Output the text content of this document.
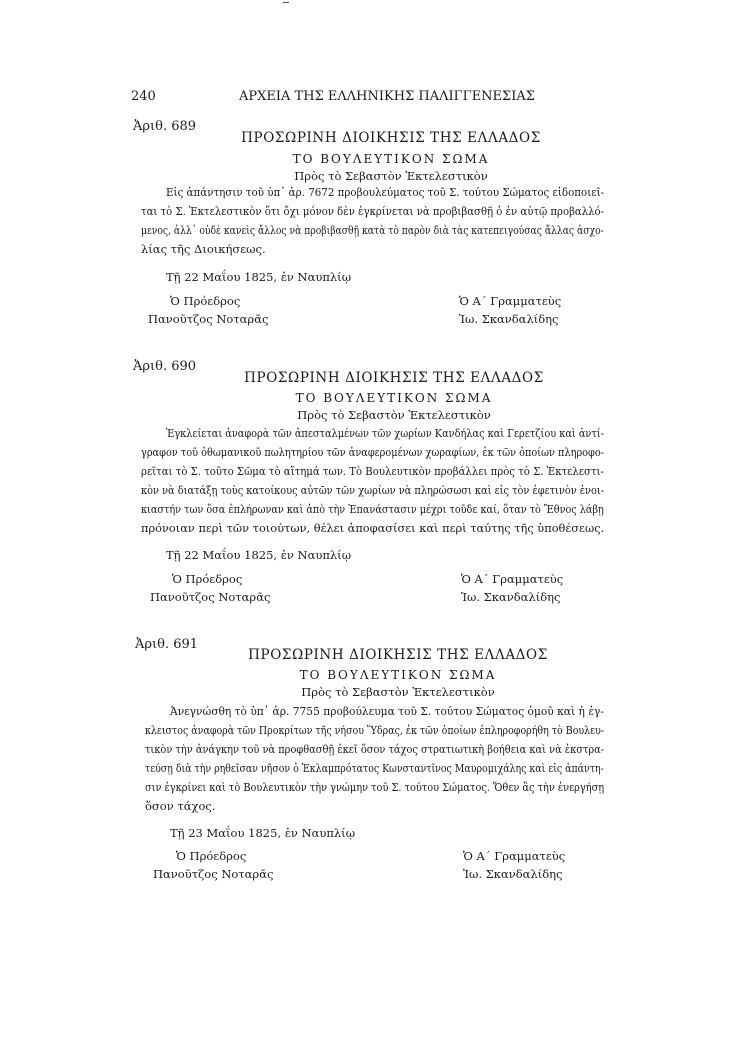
240	ΑΡΧΕΙΑ ΤΗΣ ΕΛΛΗΝΙΚΗΣ ΠΑΛΙΓΓΕΝΕΣΙΑΣ
Ἀριθ. 689
ΠΡΟΣΩΡΙΝΗ ΔΙΟΙΚΗΣΙΣ ΤΗΣ ΕΛΛΑΔΟΣ
ΤΟ ΒΟΥΛΕΥΤΙΚΟΝ ΣΩΜΑ
Πρὸς τὸ Σεβαστὸν Ἐκτελεστικὸν
Εἰς ἀπάντησιν τοῦ ὑπ᾽ ἀρ. 7672 προβουλεύματος τοῦ Σ. τούτου Σώματος εἰδοποιεῖ-
ται τὸ Σ. Ἐκτελεστικὸν ὅτι ὄχι μόνον δὲν ἐγκρίνεται νὰ προβιβασθῇ ὁ ἐν αὐτῷ προβαλλό-
μενος, ἀλλ᾽ οὐδὲ κανεὶς ἄλλος νὰ προβιβασθῇ κατὰ τὸ παρὸν διὰ τὰς κατεπειγούσας ἄλλας ἀσχο-
λίας τῆς Διοικήσεως.
Τῇ 22 Μαΐου 1825, ἐν Ναυπλίῳ
Ὁ Πρόεδρος
Πανοῦτζος Νοταρᾶς
Ὁ Α´ Γραμματεὺς
Ἰω. Σκανδαλίδης
Ἀριθ. 690
ΠΡΟΣΩΡΙΝΗ ΔΙΟΙΚΗΣΙΣ ΤΗΣ ΕΛΛΑΔΟΣ
ΤΟ ΒΟΥΛΕΥΤΙΚΟΝ ΣΩΜΑ
Πρὸς τὸ Σεβαστὸν Ἐκτελεστικὸν
Ἐγκλείεται ἀναφορὰ τῶν ἀπεσταλμένων τῶν χωρίων Κανδήλας καὶ Γερετζίου καὶ ἀντί-
γραφον τοῦ ὀθωμανικοῦ πωλητηρίου τῶν ἀναφερομένων χωραφίων, ἐκ τῶν ὁποίων πληροφο-
ρεῖται τὸ Σ. τοῦτο Σῶμα τὸ αἴτημά των. Τὸ Βουλευτικὸν προβάλλει πρὸς τὸ Σ. Ἐκτελεστι-
κὸν νὰ διατάξῃ τοὺς κατοίκους αὐτῶν τῶν χωρίων νὰ πληρώσωσι καὶ εἰς τὸν ἐφετινὸν ἐνοι-
κιαστήν των ὅσα ἐπλήρωναν καὶ ἀπὸ τὴν Ἐπανάστασιν μέχρι τοῦδε καί, ὅταν τὸ Ἔθνος λάβῃ
πρόνοιαν περὶ τῶν τοιούτων, θέλει ἀποφασίσει καὶ περὶ ταύτης τῆς ὑποθέσεως.
Τῇ 22 Μαΐου 1825, ἐν Ναυπλίῳ
Ὁ Πρόεδρος
Πανοῦτζος Νοταρᾶς
Ὁ Α´ Γραμματεὺς
Ἰω. Σκανδαλίδης
Ἀριθ. 691
ΠΡΟΣΩΡΙΝΗ ΔΙΟΙΚΗΣΙΣ ΤΗΣ ΕΛΛΑΔΟΣ
ΤΟ ΒΟΥΛΕΥΤΙΚΟΝ ΣΩΜΑ
Πρὸς τὸ Σεβαστὸν Ἐκτελεστικὸν
Ἀνεγνώσθη τὸ ὑπ᾽ ἀρ. 7755 προβούλευμα τοῦ Σ. τούτου Σώματος ὁμοῦ καὶ ἡ ἐγ-
κλειστος ἀναφορὰ τῶν Προκρίτων τῆς νήσου Ὕδρας, ἐκ τῶν ὁποίων ἐπληροφορήθη τὸ Βουλευ-
τικὸν τὴν ἀνάγκην τοῦ νὰ προφθασθῇ ἐκεῖ ὅσον τάχος στρατιωτικὴ βοήθεια καὶ νὰ ἐκστρα-
τεύσῃ διὰ τὴν ρηθεῖσαν νῆσον ὁ Ἐκλαμπρότατος Κωνσταντῖνος Μαυρομιχάλης καὶ εἰς ἀπάντη-
σιν ἐγκρίνει καὶ τὸ Βουλευτικὸν τὴν γνώμην τοῦ Σ. τούτου Σώματος. Ὅθεν ἂς τὴν ἐνεργήσῃ
ὅσον τάχος.
Τῇ 23 Μαΐου 1825, ἐν Ναυπλίῳ
Ὁ Πρόεδρος
Πανοῦτζος Νοταρᾶς
Ὁ Α´ Γραμματεὺς
Ἰω. Σκανδαλίδης
